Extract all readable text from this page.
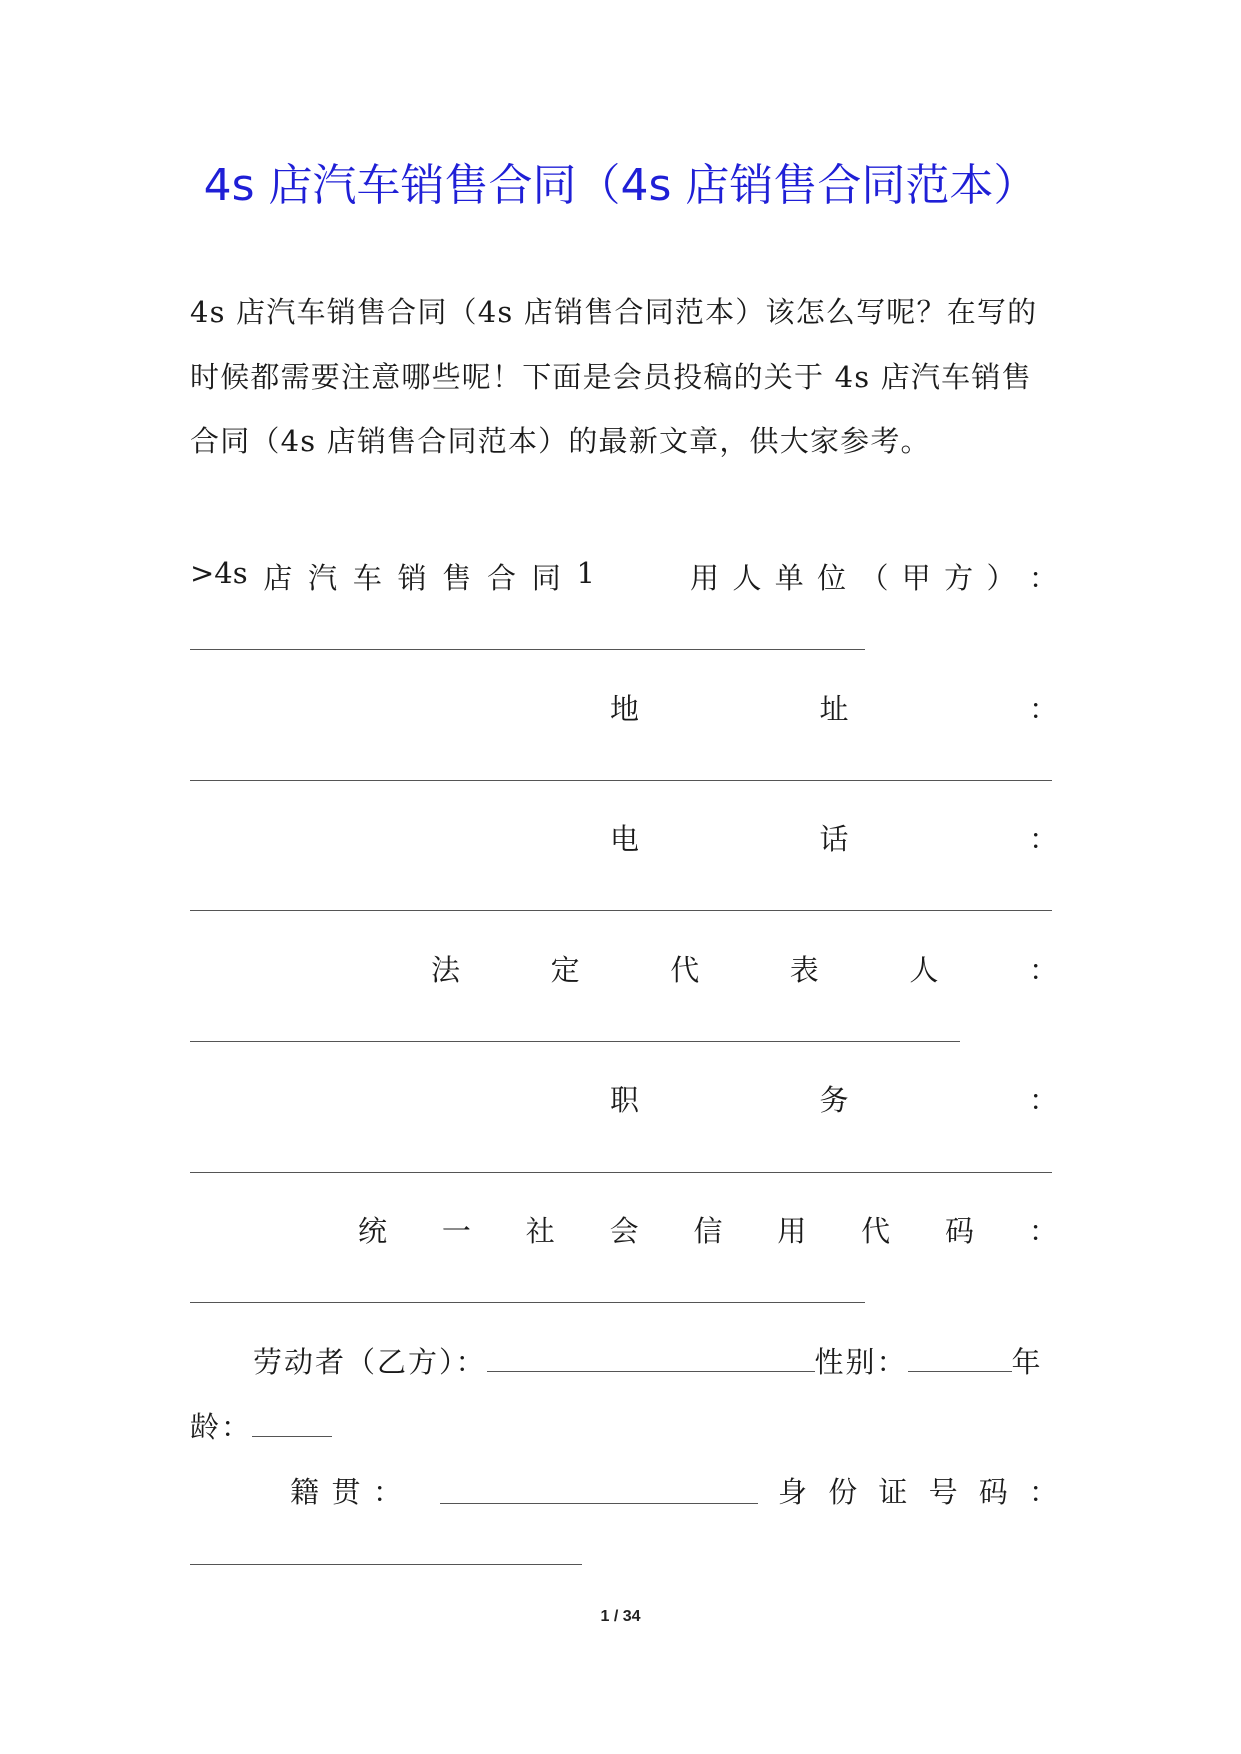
4s 店汽车销售合同（4s 店销售合同范本）
4s 店汽车销售合同（4s 店销售合同范本）该怎么写呢？在写的
时候都需要注意哪些呢！下面是会员投稿的关于 4s 店汽车销售
合同（4s 店销售合同范本）的最新文章，供大家参考。
>4s 店 汽 车 销 售 合 同 1	用 人 单 位 （ 甲 方 ） ：
地	址	：
电	话	：
法	定	代	表	人	：
职	务	：
统 一 社 会 信 用 代 码 ：
劳动者（乙方）：	性别：	年
龄：
籍 贯 ：	身 份 证 号 码 ：
1 / 34
